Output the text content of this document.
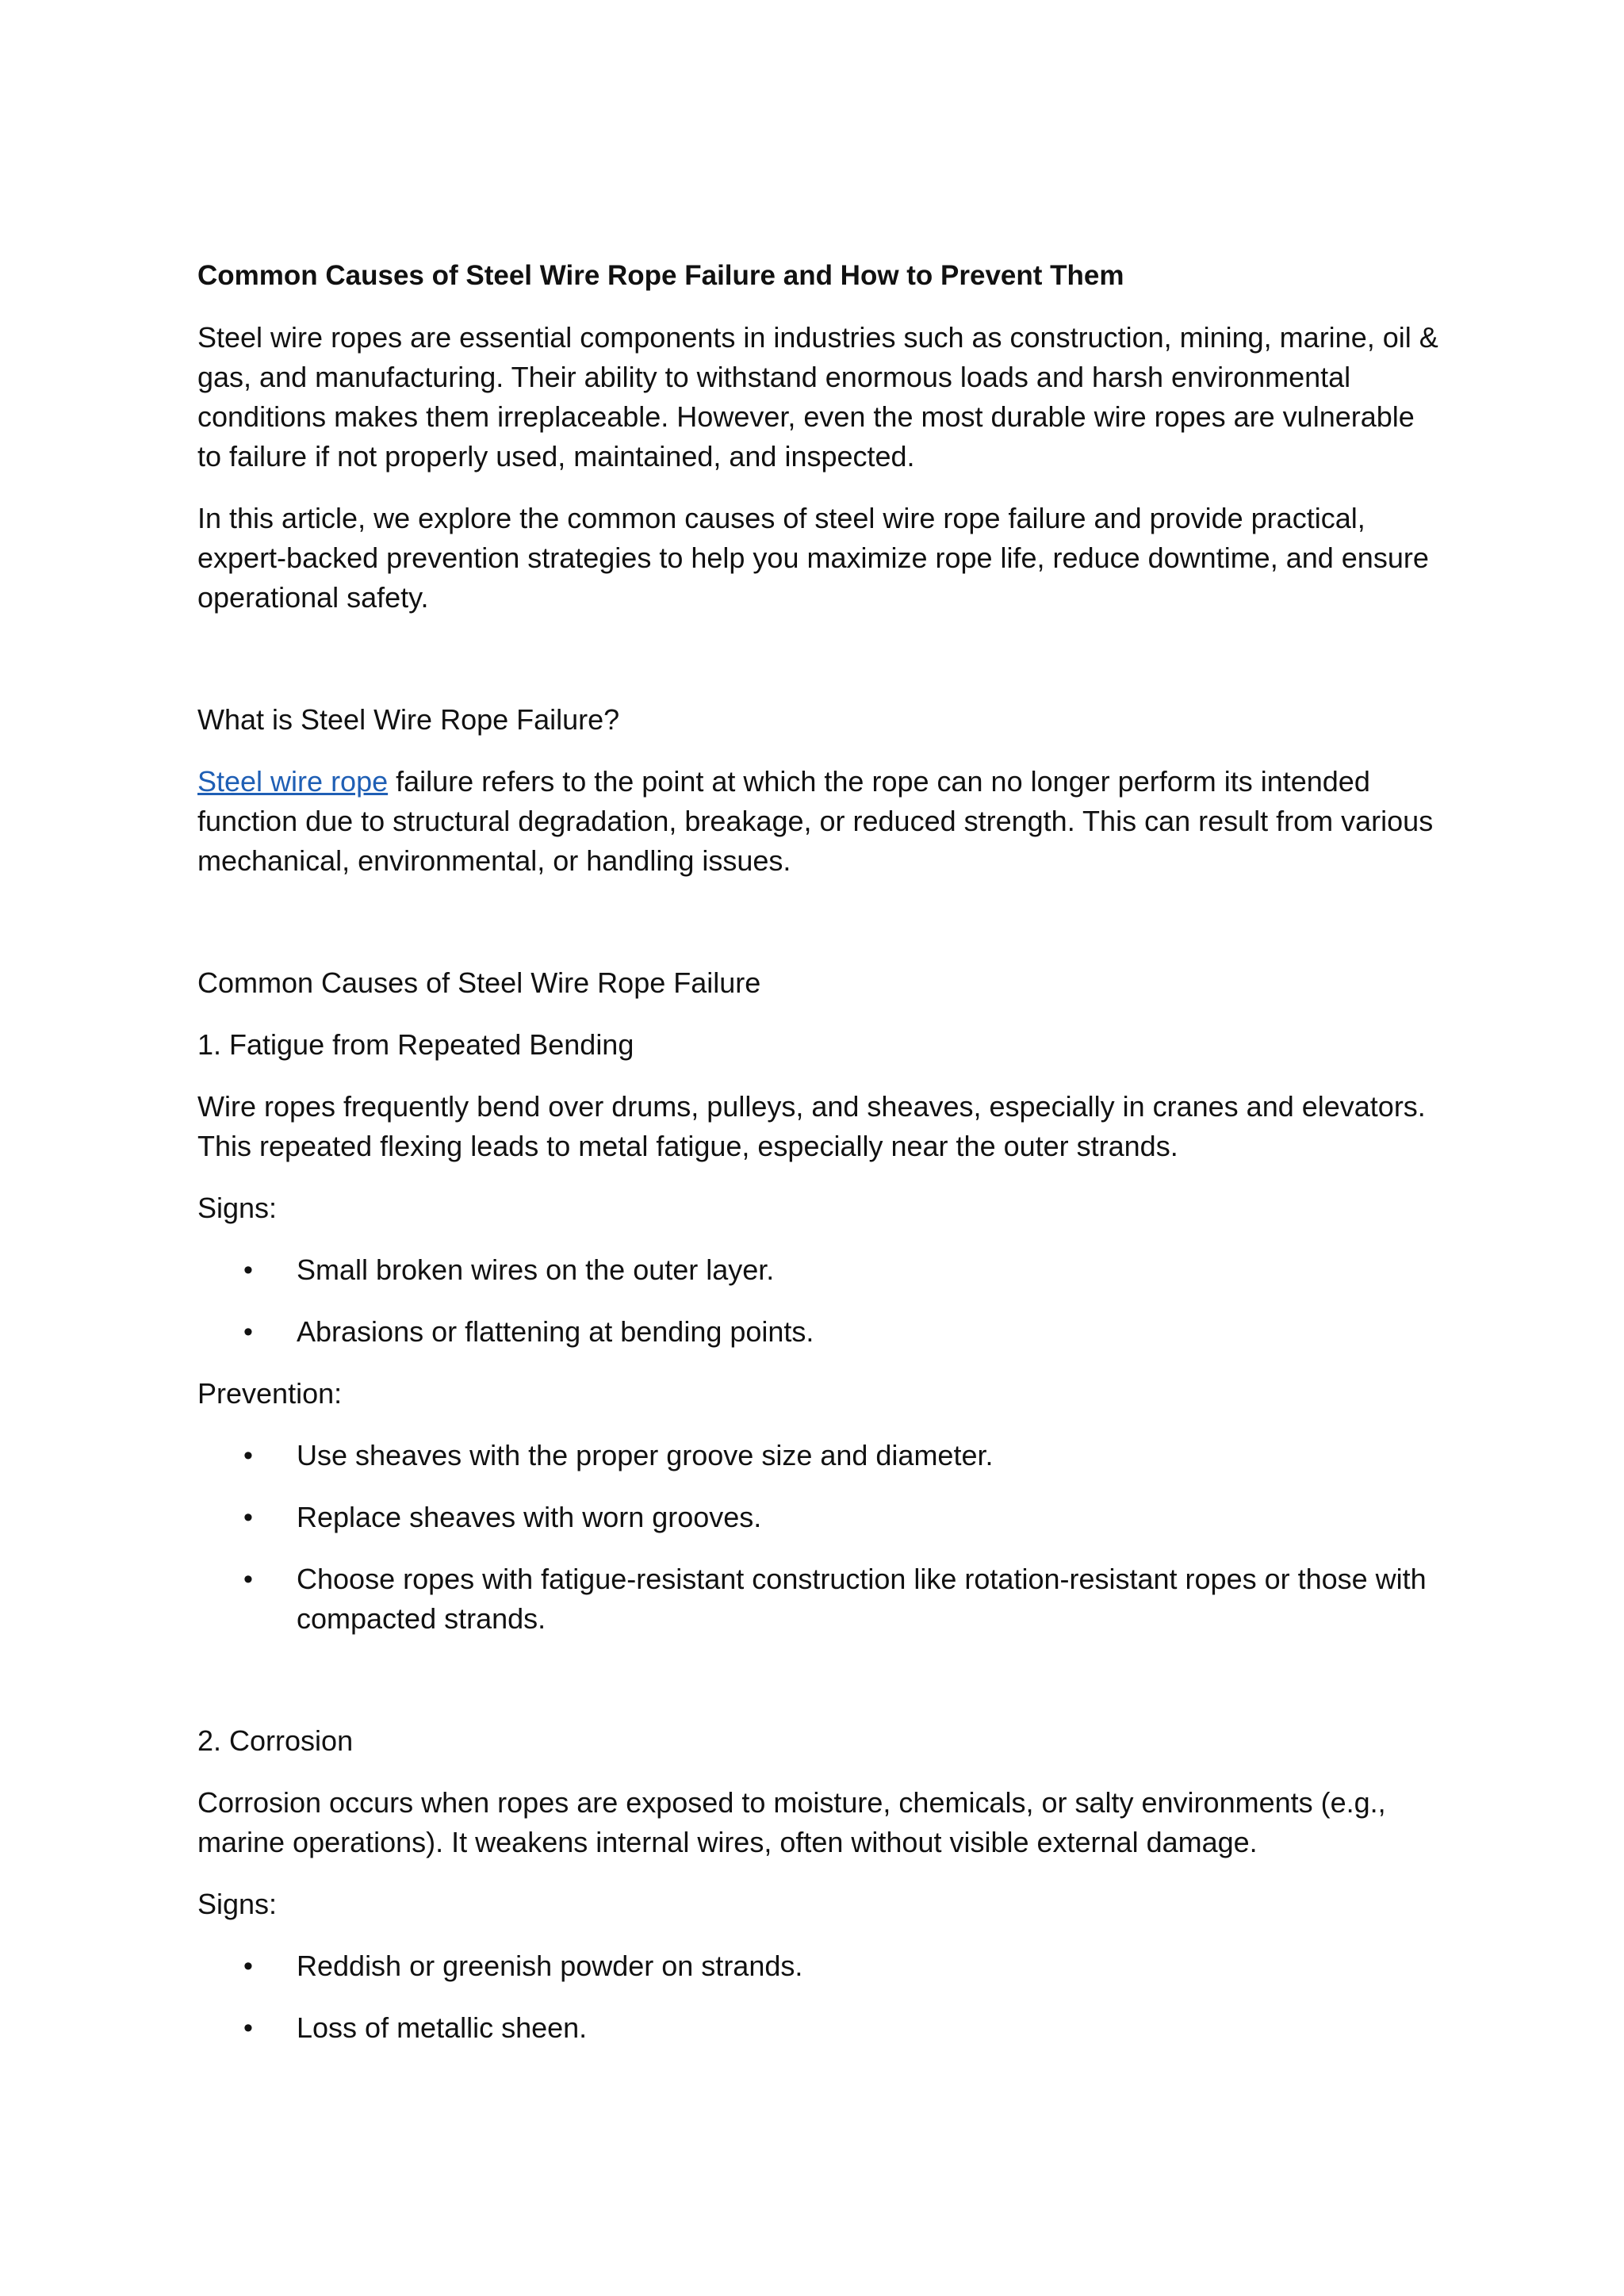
Common Causes of Steel Wire Rope Failure and How to Prevent Them

Steel wire ropes are essential components in industries such as construction, mining, marine, oil & gas, and manufacturing. Their ability to withstand enormous loads and harsh environmental conditions makes them irreplaceable. However, even the most durable wire ropes are vulnerable to failure if not properly used, maintained, and inspected.

In this article, we explore the common causes of steel wire rope failure and provide practical, expert-backed prevention strategies to help you maximize rope life, reduce downtime, and ensure operational safety.

What is Steel Wire Rope Failure?

Steel wire rope failure refers to the point at which the rope can no longer perform its intended function due to structural degradation, breakage, or reduced strength. This can result from various mechanical, environmental, or handling issues.

Common Causes of Steel Wire Rope Failure

1. Fatigue from Repeated Bending

Wire ropes frequently bend over drums, pulleys, and sheaves, especially in cranes and elevators. This repeated flexing leads to metal fatigue, especially near the outer strands.

Signs:

• Small broken wires on the outer layer.
• Abrasions or flattening at bending points.

Prevention:

• Use sheaves with the proper groove size and diameter.
• Replace sheaves with worn grooves.
• Choose ropes with fatigue-resistant construction like rotation-resistant ropes or those with compacted strands.

2. Corrosion

Corrosion occurs when ropes are exposed to moisture, chemicals, or salty environments (e.g., marine operations). It weakens internal wires, often without visible external damage.

Signs:

• Reddish or greenish powder on strands.
• Loss of metallic sheen.
